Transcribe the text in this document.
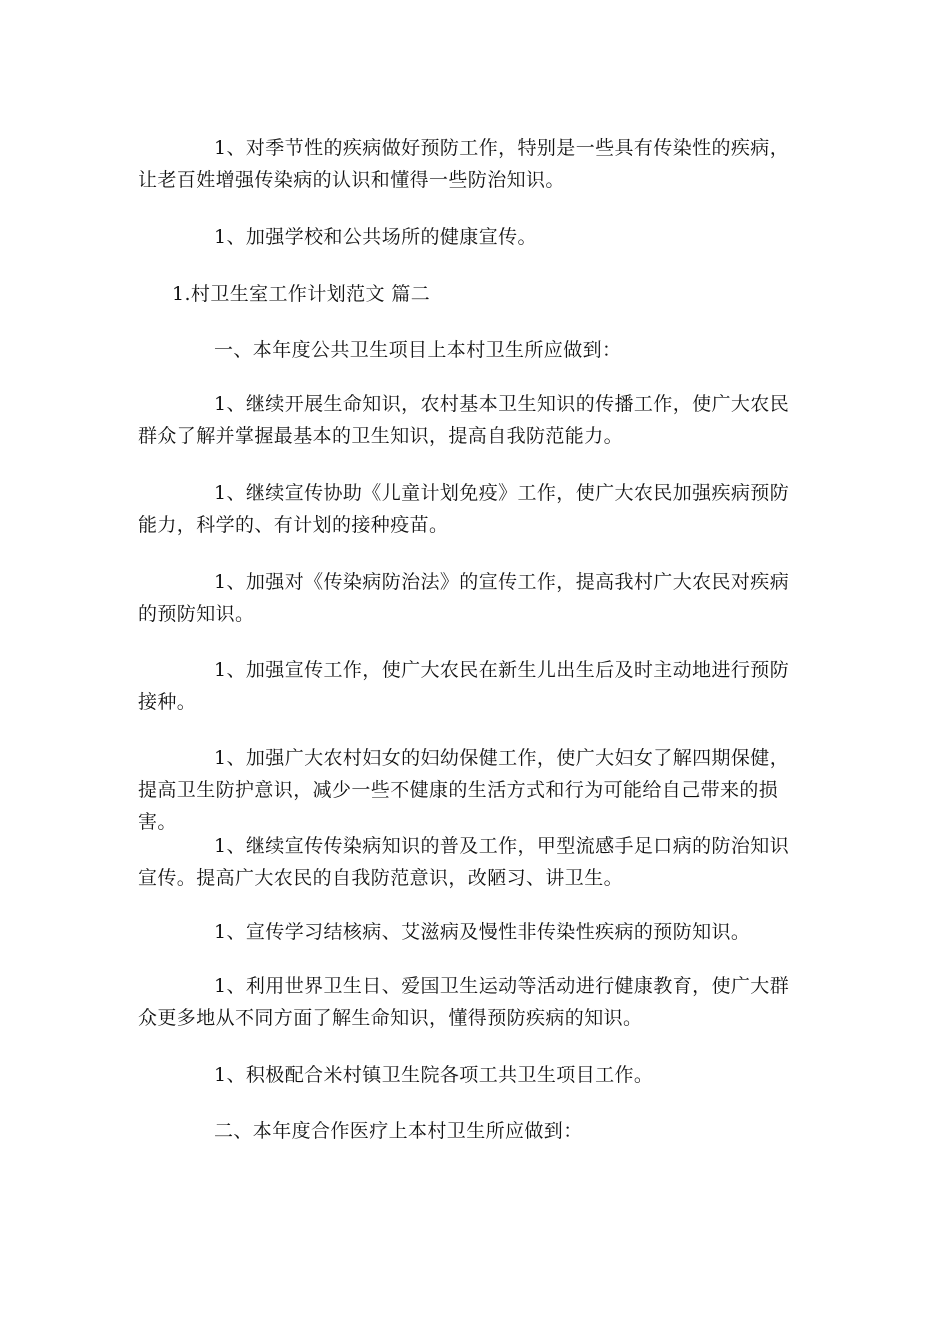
1、对季节性的疾病做好预防工作，特别是一些具有传染性的疾病，让老百姓增强传染病的认识和懂得一些防治知识。

1、加强学校和公共场所的健康宣传。

1.村卫生室工作计划范文 篇二

一、本年度公共卫生项目上本村卫生所应做到：

1、继续开展生命知识，农村基本卫生知识的传播工作，使广大农民群众了解并掌握最基本的卫生知识，提高自我防范能力。

1、继续宣传协助《儿童计划免疫》工作，使广大农民加强疾病预防能力，科学的、有计划的接种疫苗。

1、加强对《传染病防治法》的宣传工作，提高我村广大农民对疾病的预防知识。

1、加强宣传工作，使广大农民在新生儿出生后及时主动地进行预防接种。

1、加强广大农村妇女的妇幼保健工作，使广大妇女了解四期保健，提高卫生防护意识，减少一些不健康的生活方式和行为可能给自己带来的损害。

1、继续宣传传染病知识的普及工作，甲型流感手足口病的防治知识宣传。提高广大农民的自我防范意识，改陋习、讲卫生。

1、宣传学习结核病、艾滋病及慢性非传染性疾病的预防知识。

1、利用世界卫生日、爱国卫生运动等活动进行健康教育，使广大群众更多地从不同方面了解生命知识，懂得预防疾病的知识。

1、积极配合米村镇卫生院各项工共卫生项目工作。

二、本年度合作医疗上本村卫生所应做到：
